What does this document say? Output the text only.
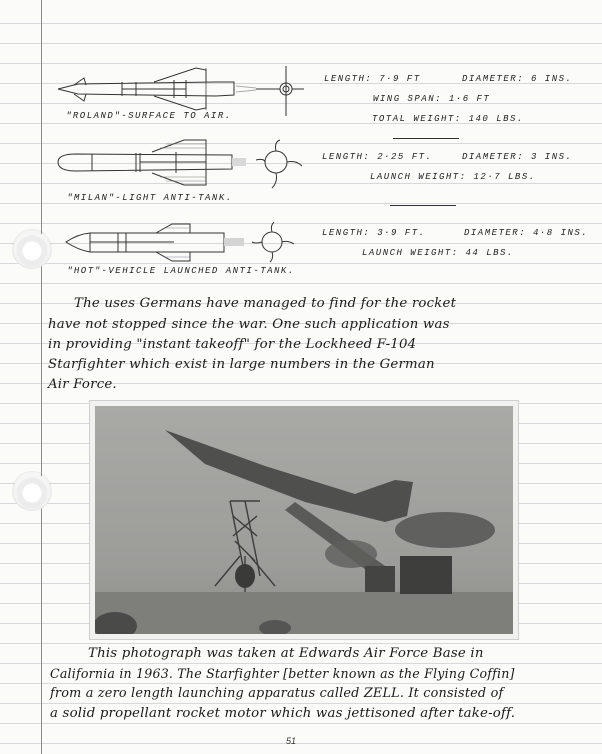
"ROLAND"-SURFACE TO AIR.
LENGTH: 7·9 FT	DIAMETER: 6 INS.
WING SPAN: 1·6 FT
TOTAL WEIGHT: 140 LBS.
"MILAN"-LIGHT ANTI-TANK.
LENGTH: 2·25 FT.	DIAMETER: 3 INS.
LAUNCH WEIGHT: 12·7 LBS.
"HOT"-VEHICLE LAUNCHED ANTI-TANK.
LENGTH: 3·9 FT.	DIAMETER: 4·8 INS.
LAUNCH WEIGHT: 44 LBS.
The uses Germans have managed to find for the rocket
have not stopped since the war. One such application was
in providing "instant takeoff" for the Lockheed F-104
Starfighter which exist in large numbers in the German
Air Force.
This photograph was taken at Edwards Air Force Base in
California in 1963. The Starfighter [better known as the Flying Coffin]
from a zero length launching apparatus called ZELL. It consisted of
a solid propellant rocket motor which was jettisoned after take-off.
51
